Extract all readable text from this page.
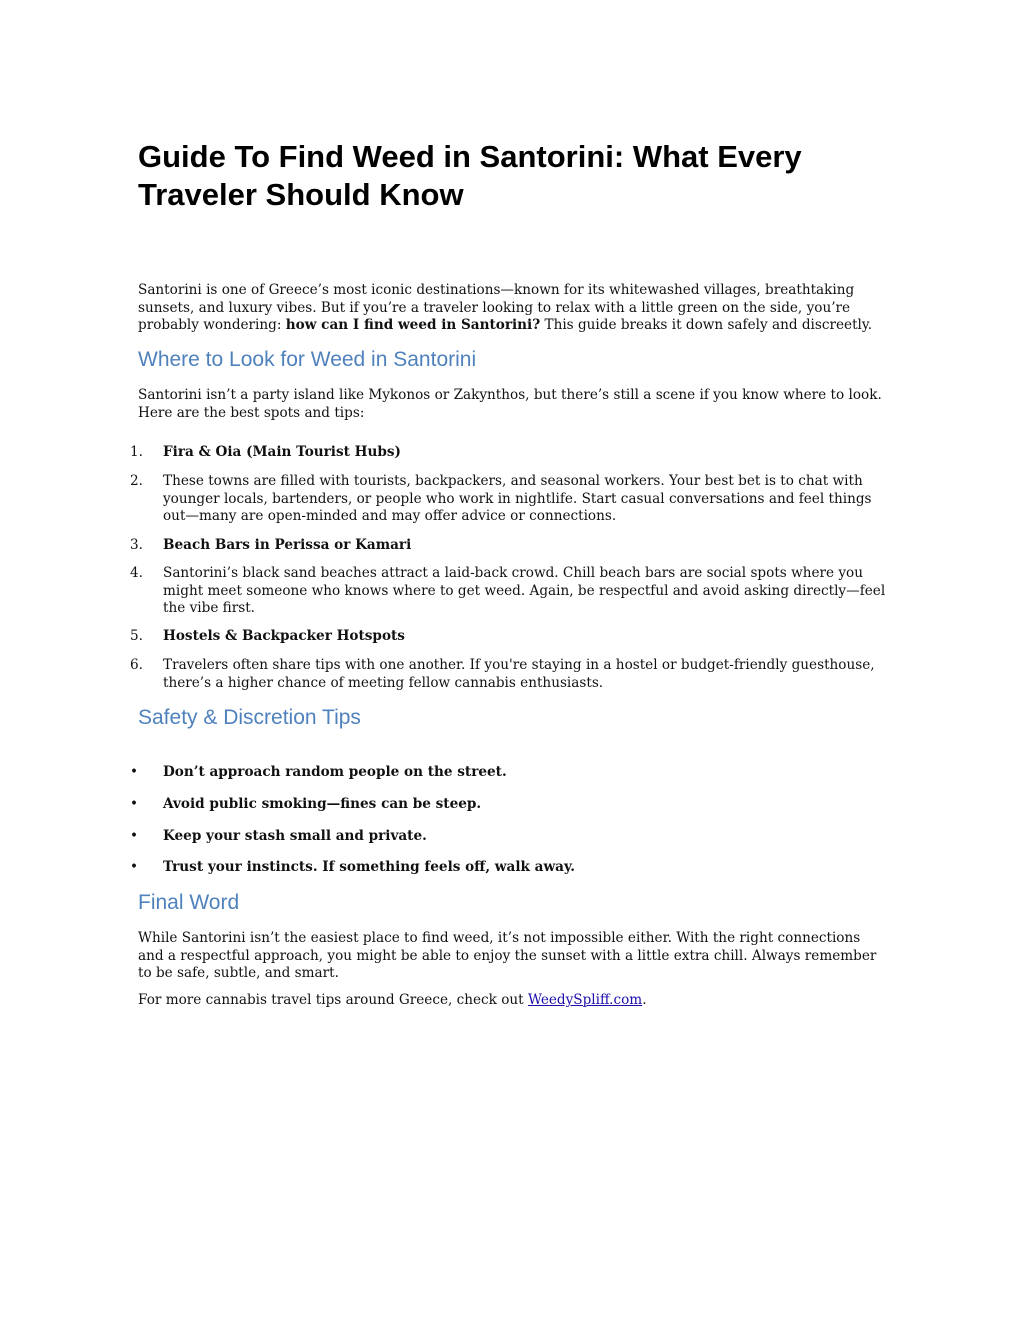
Guide To Find Weed in Santorini: What Every Traveler Should Know

Santorini is one of Greece’s most iconic destinations—known for its whitewashed villages, breathtaking sunsets, and luxury vibes. But if you’re a traveler looking to relax with a little green on the side, you’re probably wondering: how can I find weed in Santorini? This guide breaks it down safely and discreetly.

Where to Look for Weed in Santorini

Santorini isn’t a party island like Mykonos or Zakynthos, but there’s still a scene if you know where to look. Here are the best spots and tips:

1.	Fira & Oia (Main Tourist Hubs)
2.	These towns are filled with tourists, backpackers, and seasonal workers. Your best bet is to chat with younger locals, bartenders, or people who work in nightlife. Start casual conversations and feel things out—many are open-minded and may offer advice or connections.
3.	Beach Bars in Perissa or Kamari
4.	Santorini’s black sand beaches attract a laid-back crowd. Chill beach bars are social spots where you might meet someone who knows where to get weed. Again, be respectful and avoid asking directly—feel the vibe first.
5.	Hostels & Backpacker Hotspots
6.	Travelers often share tips with one another. If you're staying in a hostel or budget-friendly guesthouse, there’s a higher chance of meeting fellow cannabis enthusiasts.
Safety & Discretion Tips
• Don’t approach random people on the street.
• Avoid public smoking—fines can be steep.
• Keep your stash small and private.
• Trust your instincts. If something feels off, walk away.
Final Word

While Santorini isn’t the easiest place to find weed, it’s not impossible either. With the right connections and a respectful approach, you might be able to enjoy the sunset with a little extra chill. Always remember to be safe, subtle, and smart.

For more cannabis travel tips around Greece, check out WeedySpliff.com.
